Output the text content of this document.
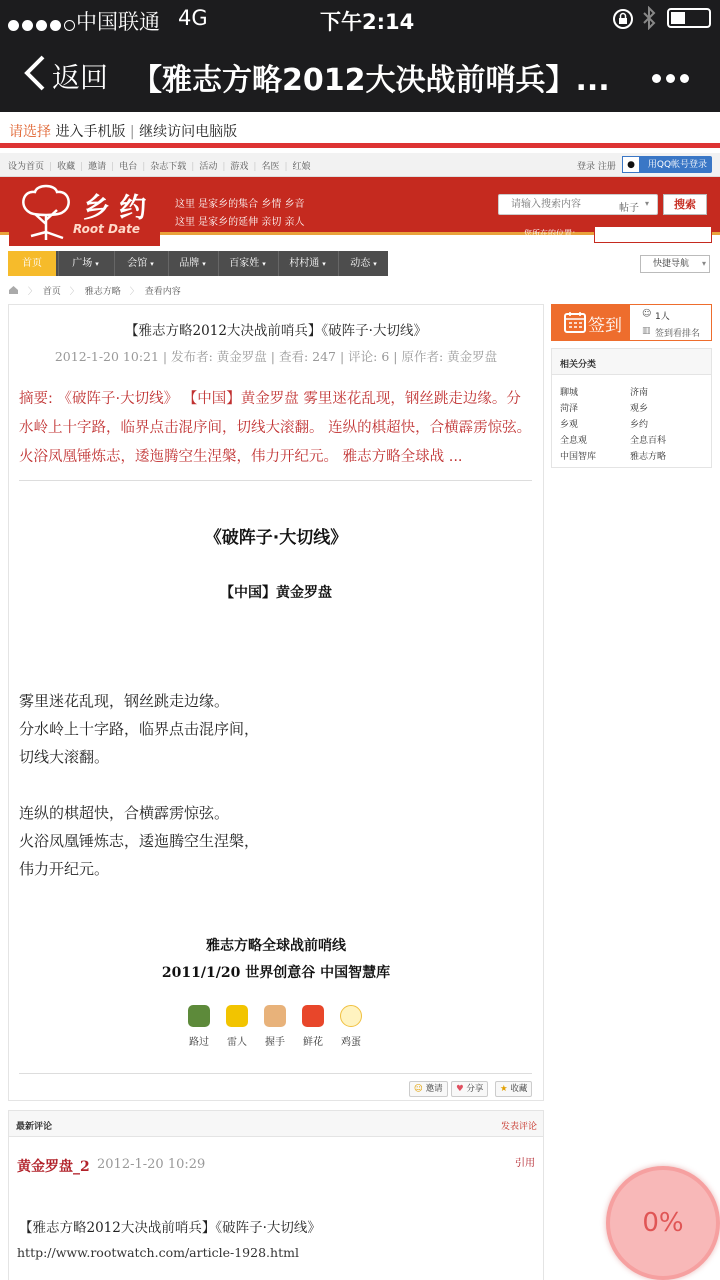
中国联通 4G	下午2:14
返回 【雅志方略2012大决战前哨兵】...
请选择 进入手机版 | 继续访问电脑版
设为首页 | 收藏 | 邀请 | 电台 | 杂志下载 | 活动 | 游戏 | 名医 | 红娘	登录 注册	● 用QQ帐号登录
乡 约
Root Date
这里 是家乡的集合 乡情 乡音
这里 是家乡的延伸 亲切 亲人
请输入搜索内容
帖子 ▾	搜索
您所在的位置：
首页	广场 ▾	会馆 ▾	品牌 ▾	百家姓 ▾	村村通 ▾	动态 ▾	快捷导航 ▾
〉 首页 〉 雅志方略 〉 查看内容
【雅志方略2012大决战前哨兵】《破阵子·大切线》
2012-1-20 10:21 | 发布者: 黄金罗盘 | 查看: 247 | 评论: 6 | 原作者: 黄金罗盘
摘要: 《破阵子·大切线》 【中国】黄金罗盘 雾里迷花乱现，钢丝跳走边缘。分水岭上十字路，临界点击混序间，切线大滚翻。 连纵的棋超快，合横霹雳惊弦。火浴凤凰锤炼志，逶迤腾空生涅槃，伟力开纪元。 雅志方略全球战 ...
《破阵子·大切线》
【中国】黄金罗盘
雾里迷花乱现，钢丝跳走边缘。
分水岭上十字路，临界点击混序间，
切线大滚翻。
连纵的棋超快，合横霹雳惊弦。
火浴凤凰锤炼志，逶迤腾空生涅槃，
伟力开纪元。
雅志方略全球战前哨线
2011/1/20 世界创意谷 中国智慧库
路过	雷人	握手	鲜花	鸡蛋
☺ 邀请	♥ 分享	★ 收藏
签到
☺ 1人
▥ 签到看排名
相关分类
聊城	济南
菏泽	观乡
乡观	乡约
全息观	全息百科
中国智库	雅志方略
最新评论	发表评论
黄金罗盘_2 2012-1-20 10:29	引用
【雅志方略2012大决战前哨兵】《破阵子·大切线》
http://www.rootwatch.com/article-1928.html
0%
